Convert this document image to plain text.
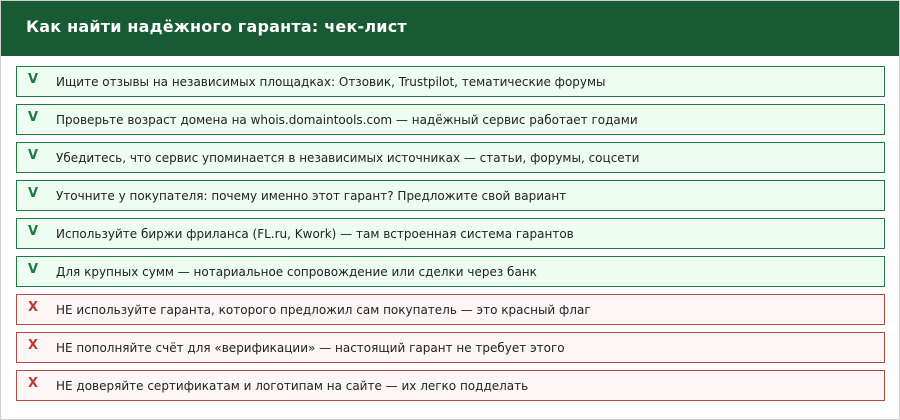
Как найти надёжного гаранта: чек-лист
V Ищите отзывы на независимых площадках: Отзовик, Trustpilot, тематические форумы
V Проверьте возраст домена на whois.domaintools.com — надёжный сервис работает годами
V Убедитесь, что сервис упоминается в независимых источниках — статьи, форумы, соцсети
V Уточните у покупателя: почему именно этот гарант? Предложите свой вариант
V Используйте биржи фриланса (FL.ru, Kwork) — там встроенная система гарантов
V Для крупных сумм — нотариальное сопровождение или сделки через банк
X НЕ используйте гаранта, которого предложил сам покупатель — это красный флаг
X НЕ пополняйте счёт для «верификации» — настоящий гарант не требует этого
X НЕ доверяйте сертификатам и логотипам на сайте — их легко подделать
